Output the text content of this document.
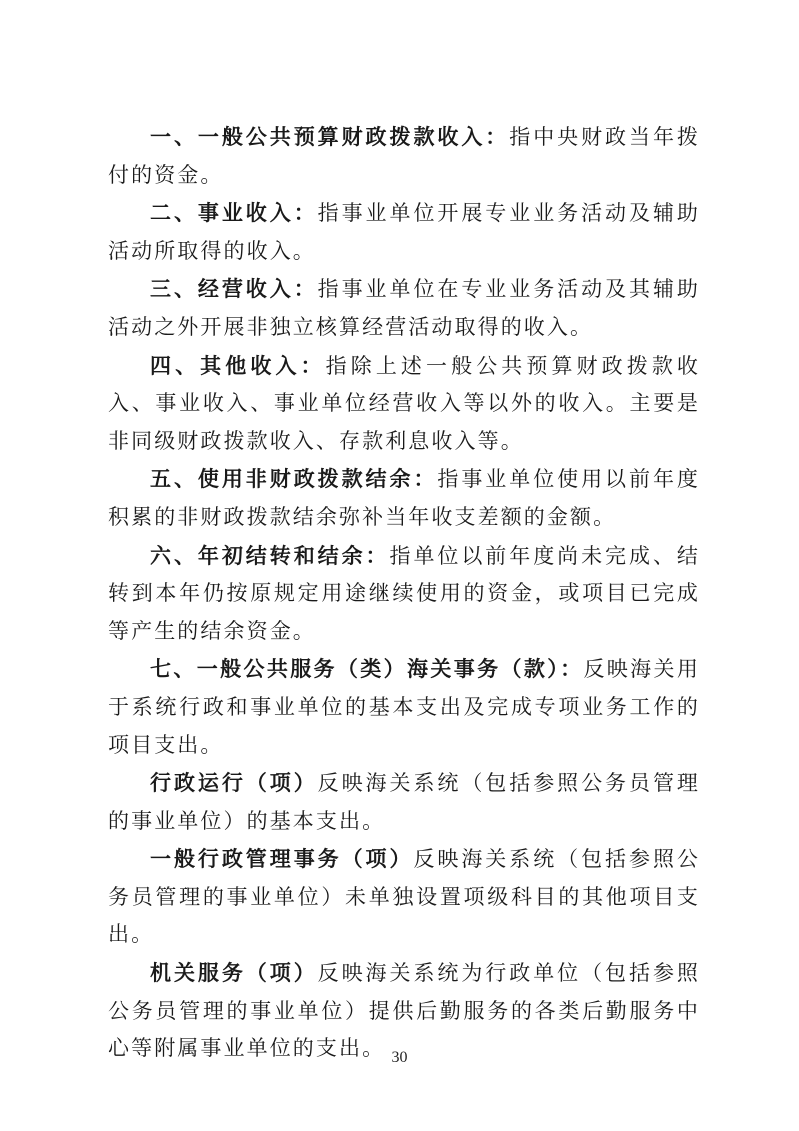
一、一般公共预算财政拨款收入：指中央财政当年拨付的资金。

二、事业收入：指事业单位开展专业业务活动及辅助活动所取得的收入。

三、经营收入：指事业单位在专业业务活动及其辅助活动之外开展非独立核算经营活动取得的收入。

四、其他收入：指除上述一般公共预算财政拨款收入、事业收入、事业单位经营收入等以外的收入。主要是非同级财政拨款收入、存款利息收入等。

五、使用非财政拨款结余：指事业单位使用以前年度积累的非财政拨款结余弥补当年收支差额的金额。

六、年初结转和结余：指单位以前年度尚未完成、结转到本年仍按原规定用途继续使用的资金，或项目已完成等产生的结余资金。

七、一般公共服务（类）海关事务（款）：反映海关用于系统行政和事业单位的基本支出及完成专项业务工作的项目支出。

行政运行（项）反映海关系统（包括参照公务员管理的事业单位）的基本支出。

一般行政管理事务（项）反映海关系统（包括参照公务员管理的事业单位）未单独设置项级科目的其他项目支出。

机关服务（项）反映海关系统为行政单位（包括参照公务员管理的事业单位）提供后勤服务的各类后勤服务中心等附属事业单位的支出。 30
